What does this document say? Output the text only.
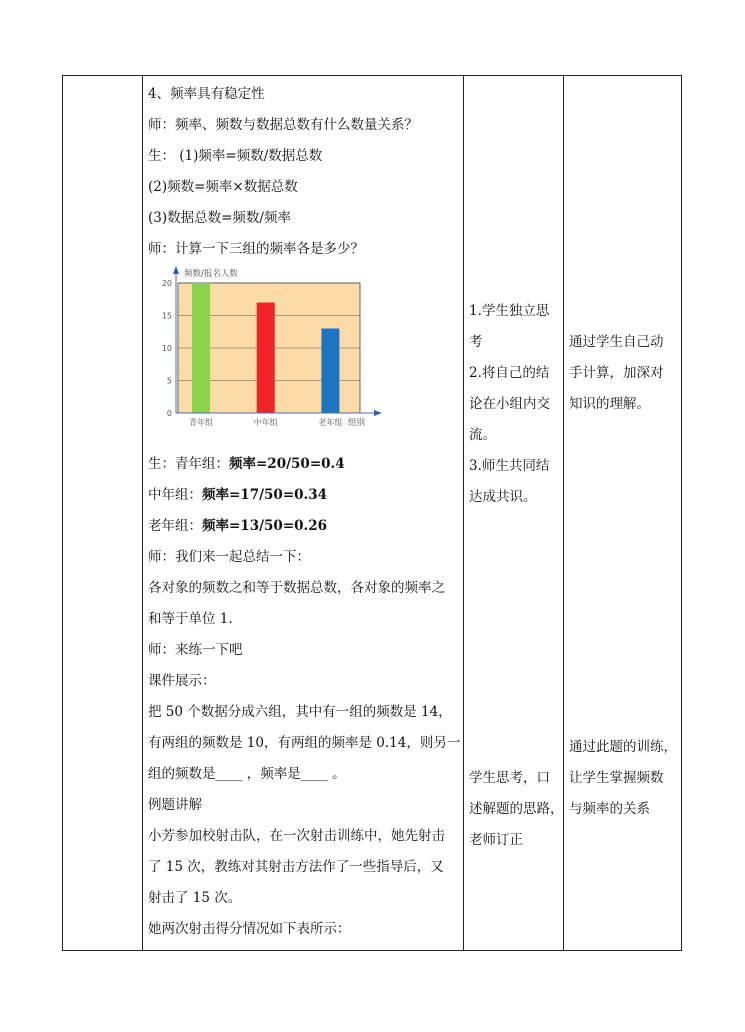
4、频率具有稳定性

师：频率、频数与数据总数有什么数量关系？

生： (1)频率=频数/数据总数

(2)频数=频率×数据总数

(3)数据总数=频数/频率

师：计算一下三组的频率各是多少？

0
5
10
15
20
青年组	中年组	老年组
频数/报名人数
组别

生：青年组：频率=20/50=0.4

中年组：频率=17/50=0.34

老年组：频率=13/50=0.26

师：我们来一起总结一下：

各对象的频数之和等于数据总数，各对象的频率之

和等于单位 1.

师：来练一下吧

课件展示：

把 50 个数据分成六组，其中有一组的频数是 14，

有两组的频数是 10，有两组的频率是 0.14，则另一

组的频数是____ ，频率是____ 。

例题讲解

小芳参加校射击队，在一次射击训练中，她先射击

了 15 次，教练对其射击方法作了一些指导后，又

射击了 15 次。

她两次射击得分情况如下表所示：

1.学生独立思

考

2.将自己的结

论在小组内交

流。

3.师生共同结

达成共识。

学生思考，口

述解题的思路，

老师订正

通过学生自己动

手计算，加深对

知识的理解。

通过此题的训练，

让学生掌握频数

与频率的关系
